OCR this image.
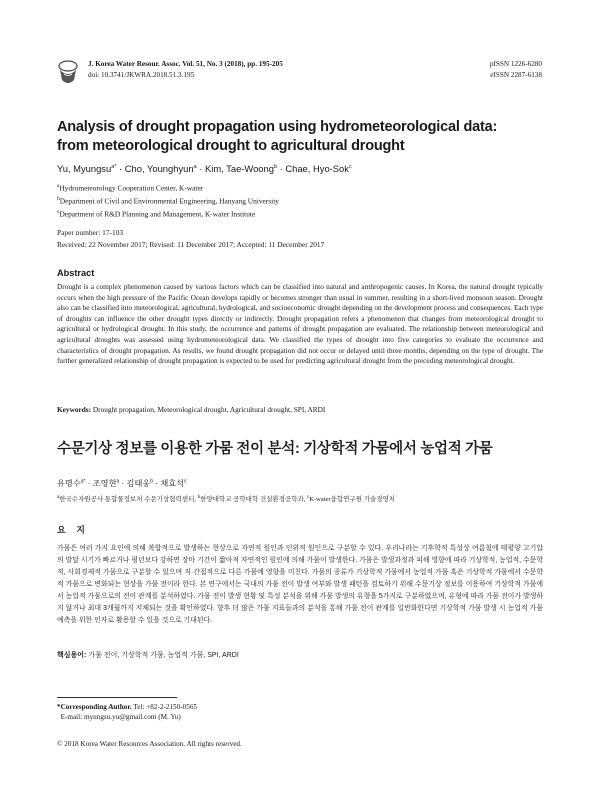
J. Korea Water Resour. Assoc. Vol. 51, No. 3 (2018), pp. 195-205
doi: 10.3741/JKWRA.2018.51.3.195
pISSN 1226-6280
eISSN 2287-6138
Analysis of drought propagation using hydrometeorological data:
from meteorological drought to agricultural drought
Yu, Myungsu$^{a*}$ · Cho, Younghyun$^a$ · Kim, Tae-Woong$^b$ · Chae, Hyo-Sok$^c$
$^a$Hydrometeorology Cooperation Center, K-water
$^b$Department of Civil and Environmental Engineering, Hanyang University
$^c$Department of R&D Planning and Management, K-water Institute
Paper number: 17-103
Received: 22 November 2017; Revised: 11 December 2017; Accepted: 11 December 2017
Abstract
Drought is a complex phenomenon caused by various factors which can be classified into natural and anthropogenic causes. In Korea, the natural drought typically occurs when the high pressure of the Pacific Ocean develops rapidly or becomes stronger than usual in summer, resulting in a short-lived monsoon season. Drought also can be classified into meteorological, agricultural, hydrological, and socioeconomic drought depending on the development process and consequences. Each type of droughts can influence the other drought types directly or indirectly. Drought propagation refers a phenomenon that changes from meteorological drought to agricultural or hydrological drought. In this study, the occurrence and patterns of drought propagation are evaluated. The relationship between meteorological and agricultural droughts was assessed using hydrometeorological data. We classified the types of drought into five categories to evaluate the occurrence and characteristics of drought propagation. As results, we found drought propagation did not occur or delayed until three months, depending on the type of drought. The further generalized relationship of drought propagation is expected to be used for predicting agricultural drought from the preceding meteorological drought.
Keywords: Drought propagation, Meteorological drought, Agricultural drought, SPI, ARDI
수문기상 정보를 이용한 가뭄 전이 분석: 기상학적 가뭄에서 농업적 가뭄
유명수$^{a*}$ · 조영현$^a$ · 김태웅$^b$ · 채효석$^c$
$^a$한국수자원공사 통합물정보처 수문기상협력센터, $^b$한양대학교 공학대학 건설환경공학과, $^c$K-water융합연구원 기술경영처
요 지
가뭄은 여러 가지 요인에 의해 복합적으로 발생하는 현상으로 자연적 원인과 인위적 원인으로 구분할 수 있다. 우리나라는 기후학적 특성상 여름철에 태평양 고기압의 발달 시기가 빠르거나 평년보다 강하면 장마 기간이 짧아져 자연적인 원인에 의해 가뭄이 발생한다. 가뭄은 발생과정과 피해 영향에 따라 기상학적, 농업적, 수문학적, 사회경제적 가뭄으로 구분할 수 있으며 직·간접적으로 다른 가뭄에 영향을 미친다. 가뭄의 종류가 기상학적 가뭄에서 농업적 가뭄 혹은 기상학적 가뭄에서 수문학적 가뭄으로 변화되는 현상을 가뭄 전이라 한다. 본 연구에서는 국내의 가뭄 전이 발생 여부와 발생 패턴을 검토하기 위해 수문기상 정보를 이용하여 기상학적 가뭄에서 농업적 가뭄으로의 전이 관계를 분석하였다. 가뭄 전이 발생 현황 및 특성 분석을 위해 가뭄 발생의 유형을 5가지로 구분하였으며, 유형에 따라 가뭄 전이가 발생하지 않거나 최대 3개월까지 지체되는 것을 확인하였다. 향후 더 많은 가뭄 지표들과의 분석을 통해 가뭄 전이 관계를 일반화한다면 기상학적 가뭄 발생 시 농업적 가뭄 예측을 위한 인자로 활용할 수 있을 것으로 기대된다.
핵심용어: 가뭄 전이, 기상학적 가뭄, 농업적 가뭄, SPI, ARDI
*Corresponding Author. Tel: +82-2-2150-0565
E-mail: myungsu.yu@gmail.com (M. Yu)
© 2018 Korea Water Resources Association. All rights reserved.
